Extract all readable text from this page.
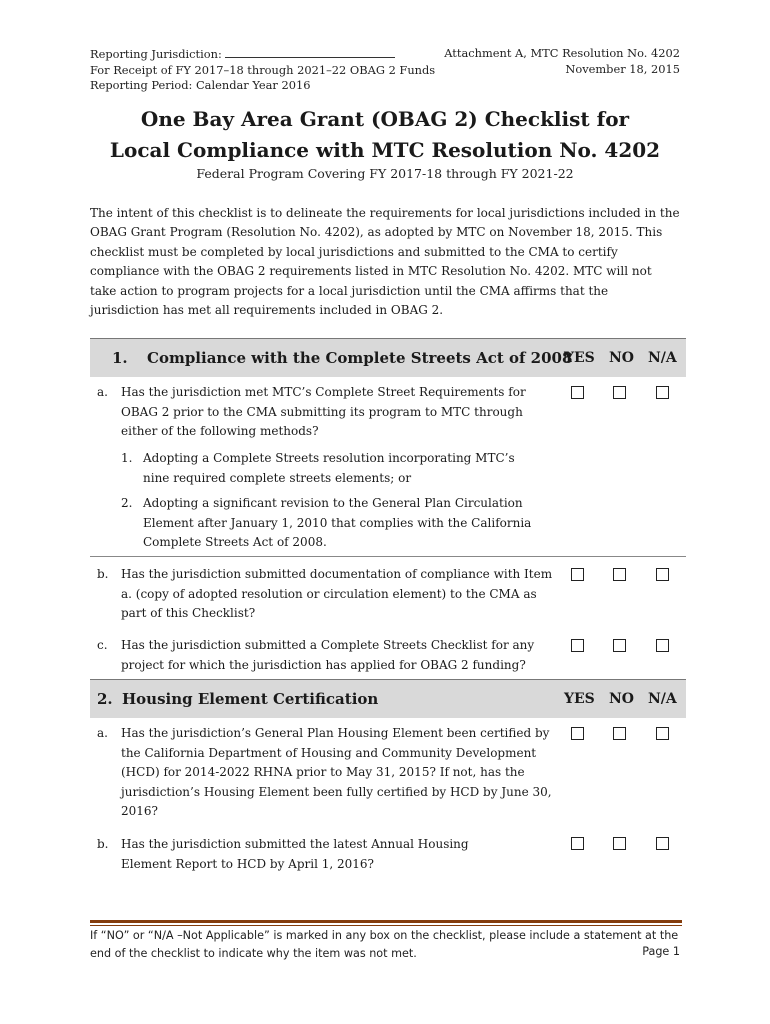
Reporting Jurisdiction:
For Receipt of FY 2017–18 through 2021–22 OBAG 2 Funds
Reporting Period: Calendar Year 2016
Attachment A, MTC Resolution No. 4202
November 18, 2015
One Bay Area Grant (OBAG 2) Checklist for
Local Compliance with MTC Resolution No. 4202
Federal Program Covering FY 2017-18 through FY 2021-22
The intent of this checklist is to delineate the requirements for local jurisdictions included in the OBAG Grant Program (Resolution No. 4202), as adopted by MTC on November 18, 2015. This checklist must be completed by local jurisdictions and submitted to the CMA to certify compliance with the OBAG 2 requirements listed in MTC Resolution No. 4202. MTC will not take action to program projects for a local jurisdiction until the CMA affirms that the jurisdiction has met all requirements included in OBAG 2.
1. Compliance with the Complete Streets Act of 2008
YES NO N/A
a. Has the jurisdiction met MTC’s Complete Street Requirements for OBAG 2 prior to the CMA submitting its program to MTC through either of the following methods?
1. Adopting a Complete Streets resolution incorporating MTC’s nine required complete streets elements; or
2. Adopting a significant revision to the General Plan Circulation Element after January 1, 2010 that complies with the California Complete Streets Act of 2008.
b. Has the jurisdiction submitted documentation of compliance with Item a. (copy of adopted resolution or circulation element) to the CMA as part of this Checklist?
c. Has the jurisdiction submitted a Complete Streets Checklist for any project for which the jurisdiction has applied for OBAG 2 funding?
2. Housing Element Certification	YES NO N/A
a. Has the jurisdiction’s General Plan Housing Element been certified by the California Department of Housing and Community Development (HCD) for 2014-2022 RHNA prior to May 31, 2015? If not, has the jurisdiction’s Housing Element been fully certified by HCD by June 30, 2016?
b. Has the jurisdiction submitted the latest Annual Housing Element Report to HCD by April 1, 2016?
If “NO” or “N/A –Not Applicable” is marked in any box on the checklist, please include a statement at the end of the checklist to indicate why the item was not met.	Page 1
